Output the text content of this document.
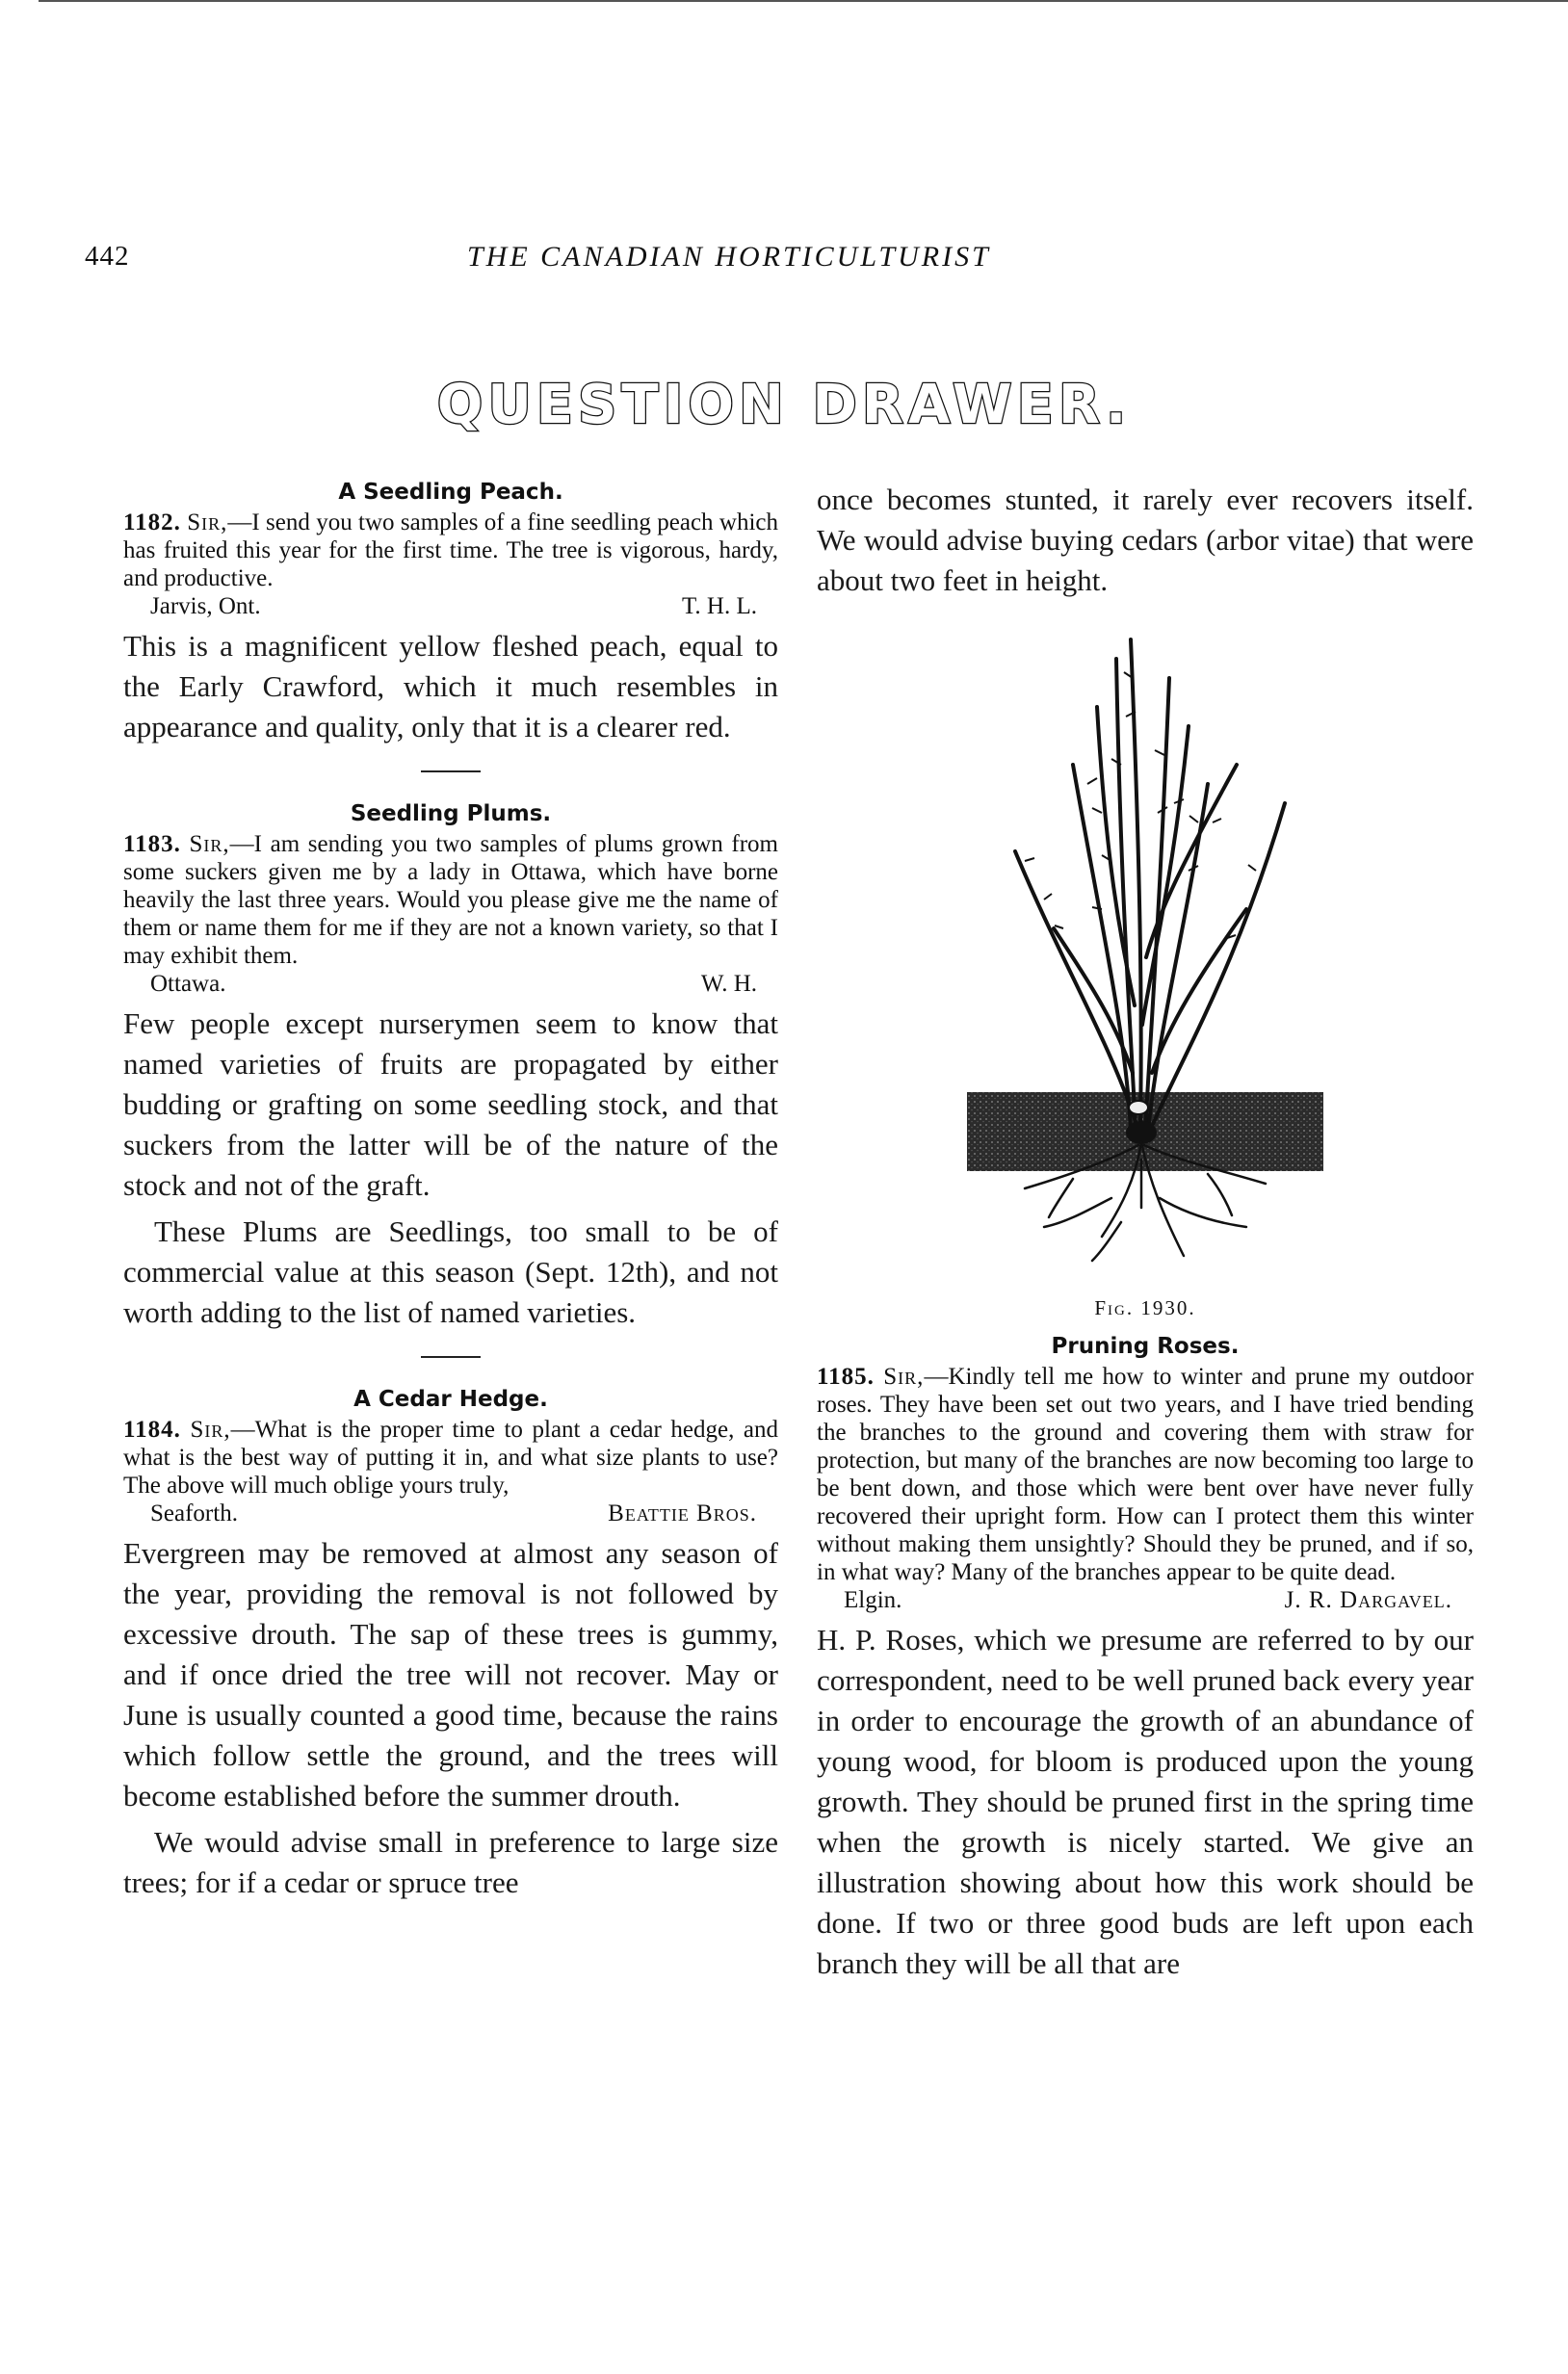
442	THE CANADIAN HORTICULTURIST
QUESTION DRAWER.
A Seedling Peach.

1182. Sir,—I send you two samples of a fine seedling peach which has fruited this year for the first time. The tree is vigorous, hardy, and productive.

Jarvis, Ont.	T. H. L.

This is a magnificent yellow fleshed peach, equal to the Early Crawford, which it much resembles in appearance and quality, only that it is a clearer red.

Seedling Plums.

1183. Sir,—I am sending you two samples of plums grown from some suckers given me by a lady in Ottawa, which have borne heavily the last three years. Would you please give me the name of them or name them for me if they are not a known variety, so that I may exhibit them.

Ottawa.	W. H.

Few people except nurserymen seem to know that named varieties of fruits are propagated by either budding or grafting on some seedling stock, and that suckers from the latter will be of the nature of the stock and not of the graft.

These Plums are Seedlings, too small to be of commercial value at this season (Sept. 12th), and not worth adding to the list of named varieties.

A Cedar Hedge.

1184. Sir,—What is the proper time to plant a cedar hedge, and what is the best way of putting it in, and what size plants to use? The above will much oblige yours truly,

Seaforth.	Beattie Bros.

Evergreen may be removed at almost any season of the year, providing the removal is not followed by excessive drouth. The sap of these trees is gummy, and if once dried the tree will not recover. May or June is usually counted a good time, because the rains which follow settle the ground, and the trees will become established before the summer drouth.

We would advise small in preference to large size trees; for if a cedar or spruce tree

once becomes stunted, it rarely ever recovers itself. We would advise buying cedars (arbor vitae) that were about two feet in height.

Fig. 1930.
Pruning Roses.

1185. Sir,—Kindly tell me how to winter and prune my outdoor roses. They have been set out two years, and I have tried bending the branches to the ground and covering them with straw for protection, but many of the branches are now becoming too large to be bent down, and those which were bent over have never fully recovered their upright form. How can I protect them this winter without making them unsightly? Should they be pruned, and if so, in what way? Many of the branches appear to be quite dead.

Elgin.	J. R. Dargavel.

H. P. Roses, which we presume are referred to by our correspondent, need to be well pruned back every year in order to encourage the growth of an abundance of young wood, for bloom is produced upon the young growth. They should be pruned first in the spring time when the growth is nicely started. We give an illustration showing about how this work should be done. If two or three good buds are left upon each branch they will be all that are
